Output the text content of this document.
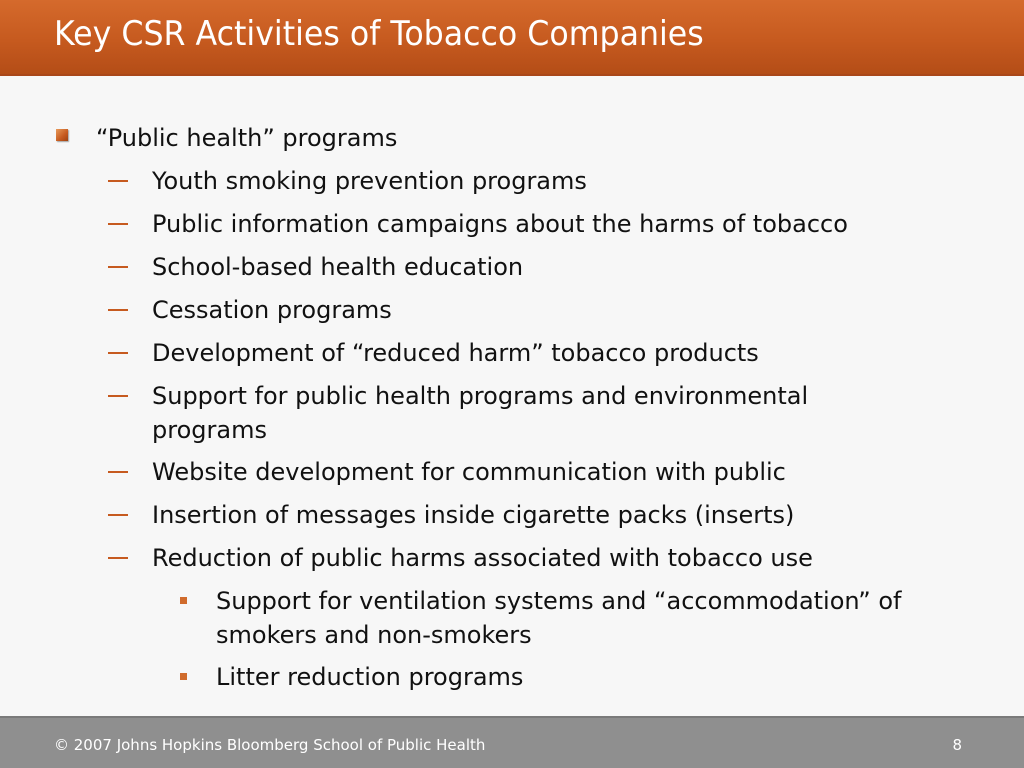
Key CSR Activities of Tobacco Companies
“Public health” programs
Youth smoking prevention programs
Public information campaigns about the harms of tobacco
School-based health education
Cessation programs
Development of “reduced harm” tobacco products
Support for public health programs and environmental programs
Website development for communication with public
Insertion of messages inside cigarette packs (inserts)
Reduction of public harms associated with tobacco use
Support for ventilation systems and “accommodation” of smokers and non-smokers
Litter reduction programs
© 2007 Johns Hopkins Bloomberg School of Public Health	8
